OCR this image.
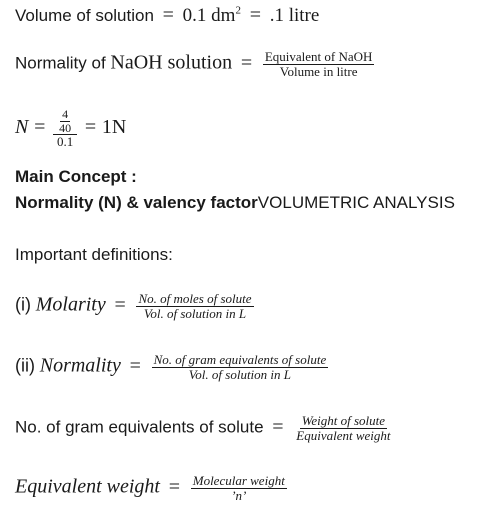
Volume of solution = 0.1 $dm^2 = .1$ litre
Normality of NaOH solution = $\frac{\text{Equivalent of NaOH}}{\text{Volume in litre}}$
$N = \frac{\frac{4}{40}}{0.1} = 1N$
Main Concept :
Normality (N) & valency factorVOLUMETRIC ANALYSIS
Important definitions:
(i) Molarity = $\frac{\text{No. of moles of solute}}{\text{Vol. of solution in L}}$
(ii) Normality = $\frac{\text{No. of gram equivalents of solute}}{\text{Vol. of solution in L}}$
No. of gram equivalents of solute = $\frac{\text{Weight of solute}}{\text{Equivalent weight}}$
Equivalent weight = $\frac{\text{Molecular weight}}{’n’}$
